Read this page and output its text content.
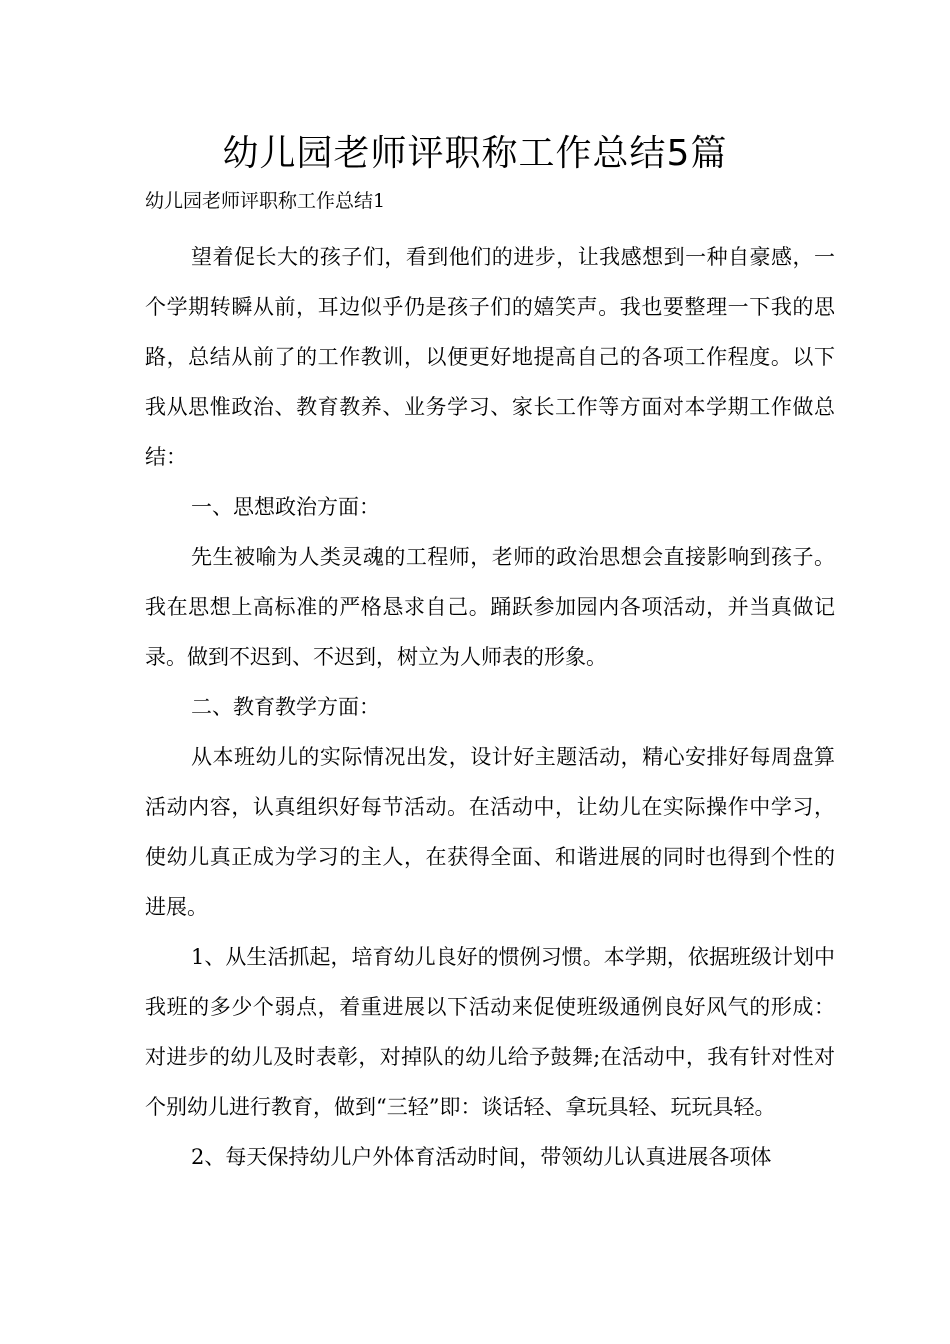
幼儿园老师评职称工作总结5篇
幼儿园老师评职称工作总结1

望着促长大的孩子们，看到他们的进步，让我感想到一种自豪感，一个学期转瞬从前，耳边似乎仍是孩子们的嬉笑声。我也要整理一下我的思路，总结从前了的工作教训，以便更好地提高自己的各项工作程度。以下我从思惟政治、教育教养、业务学习、家长工作等方面对本学期工作做总结：

一、思想政治方面：

先生被喻为人类灵魂的工程师，老师的政治思想会直接影响到孩子。我在思想上高标准的严格恳求自己。踊跃参加园内各项活动，并当真做记录。做到不迟到、不迟到，树立为人师表的形象。

二、教育教学方面：

从本班幼儿的实际情况出发，设计好主题活动，精心安排好每周盘算活动内容，认真组织好每节活动。在活动中，让幼儿在实际操作中学习，使幼儿真正成为学习的主人，在获得全面、和谐进展的同时也得到个性的进展。

1、从生活抓起，培育幼儿良好的惯例习惯。本学期，依据班级计划中我班的多少个弱点，着重进展以下活动来促使班级通例良好风气的形成：对进步的幼儿及时表彰，对掉队的幼儿给予鼓舞;在活动中，我有针对性对个别幼儿进行教育，做到“三轻”即：谈话轻、拿玩具轻、玩玩具轻。

2、每天保持幼儿户外体育活动时间，带领幼儿认真进展各项体
